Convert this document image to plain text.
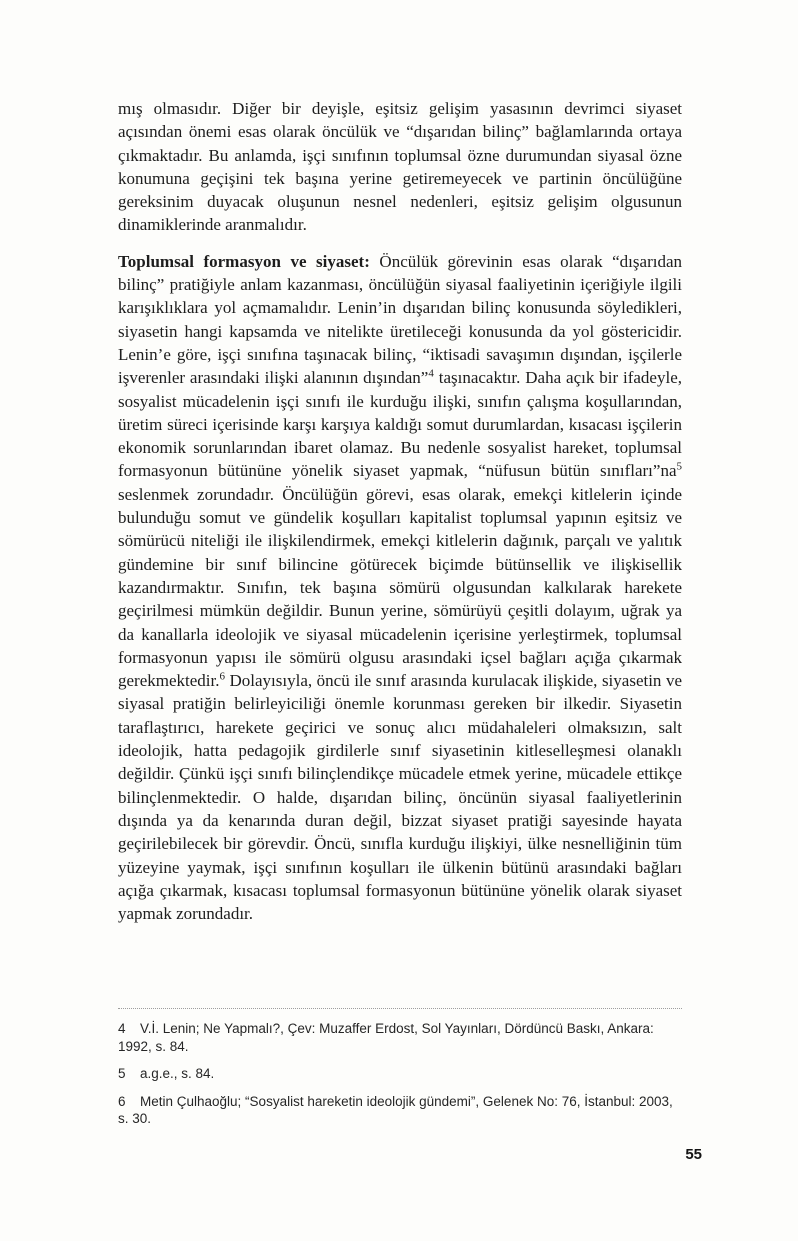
mış olmasıdır. Diğer bir deyişle, eşitsiz gelişim yasasının devrimci siyaset açısından önemi esas olarak öncülük ve “dışarıdan bilinç” bağlamlarında ortaya çıkmaktadır. Bu anlamda, işçi sınıfının toplumsal özne durumundan siyasal özne konumuna geçişini tek başına yerine getiremeyecek ve partinin öncülüğüne gereksinim duyacak oluşunun nesnel nedenleri, eşitsiz gelişim olgusunun dinamiklerinde aranmalıdır.

Toplumsal formasyon ve siyaset: Öncülük görevinin esas olarak “dışarıdan bilinç” pratiğiyle anlam kazanması, öncülüğün siyasal faaliyetinin içeriğiyle ilgili karışıklıklara yol açmamalıdır. Lenin’in dışarıdan bilinç konusunda söyledikleri, siyasetin hangi kapsamda ve nitelikte üretileceği konusunda da yol göstericidir. Lenin’e göre, işçi sınıfına taşınacak bilinç, “iktisadi savaşımın dışından, işçilerle işverenler arasındaki ilişki alanının dışından”$^4$ taşınacaktır. Daha açık bir ifadeyle, sosyalist mücadelenin işçi sınıfı ile kurduğu ilişki, sınıfın çalışma koşullarından, üretim süreci içerisinde karşı karşıya kaldığı somut durumlardan, kısacası işçilerin ekonomik sorunlarından ibaret olamaz. Bu nedenle sosyalist hareket, toplumsal formasyonun bütününe yönelik siyaset yapmak, “nüfusun bütün $sınıfları”na^5$ seslenmek zorundadır. Öncülüğün görevi, esas olarak, emekçi kitlelerin içinde bulunduğu somut ve gündelik koşulları kapitalist toplumsal yapının eşitsiz ve sömürücü niteliği ile ilişkilendirmek, emekçi kitlelerin dağınık, parçalı ve yalıtık gündemine bir sınıf bilincine götürecek biçimde bütünsellik ve ilişkisellik kazandırmaktır. Sınıfın, tek başına sömürü olgusundan kalkılarak harekete geçirilmesi mümkün değildir. Bunun yerine, sömürüyü çeşitli dolayım, uğrak ya da kanallarla ideolojik ve siyasal mücadelenin içerisine yerleştirmek, toplumsal formasyonun yapısı ile sömürü olgusu arasındaki içsel bağları açığa çıkarmak gerekmektedir.$^6$ Dolayısıyla, öncü ile sınıf arasında kurulacak ilişkide, siyasetin ve siyasal pratiğin belirleyiciliği önemle korunması gereken bir ilkedir. Siyasetin taraflaştırıcı, harekete geçirici ve sonuç alıcı müdahaleleri olmaksızın, salt ideolojik, hatta pedagojik girdilerle sınıf siyasetinin kitleselleşmesi olanaklı değildir. Çünkü işçi sınıfı bilinçlendikçe mücadele etmek yerine, mücadele ettikçe bilinçlenmektedir. O halde, dışarıdan bilinç, öncünün siyasal faaliyetlerinin dışında ya da kenarında duran değil, bizzat siyaset pratiği sayesinde hayata geçirilebilecek bir görevdir. Öncü, sınıfla kurduğu ilişkiyi, ülke nesnelliğinin tüm yüzeyine yaymak, işçi sınıfının koşulları ile ülkenin bütünü arasındaki bağları açığa çıkarmak, kısacası toplumsal formasyonun bütününe yönelik olarak siyaset yapmak zorundadır.

4 V.İ. Lenin; Ne Yapmalı?, Çev: Muzaffer Erdost, Sol Yayınları, Dördüncü Baskı, Ankara: 1992, s. 84.

5 a.g.e., s. 84.

6 Metin Çulhaoğlu; “Sosyalist hareketin ideolojik gündemi”, Gelenek No: 76, İstanbul: 2003, s. 30.

55
